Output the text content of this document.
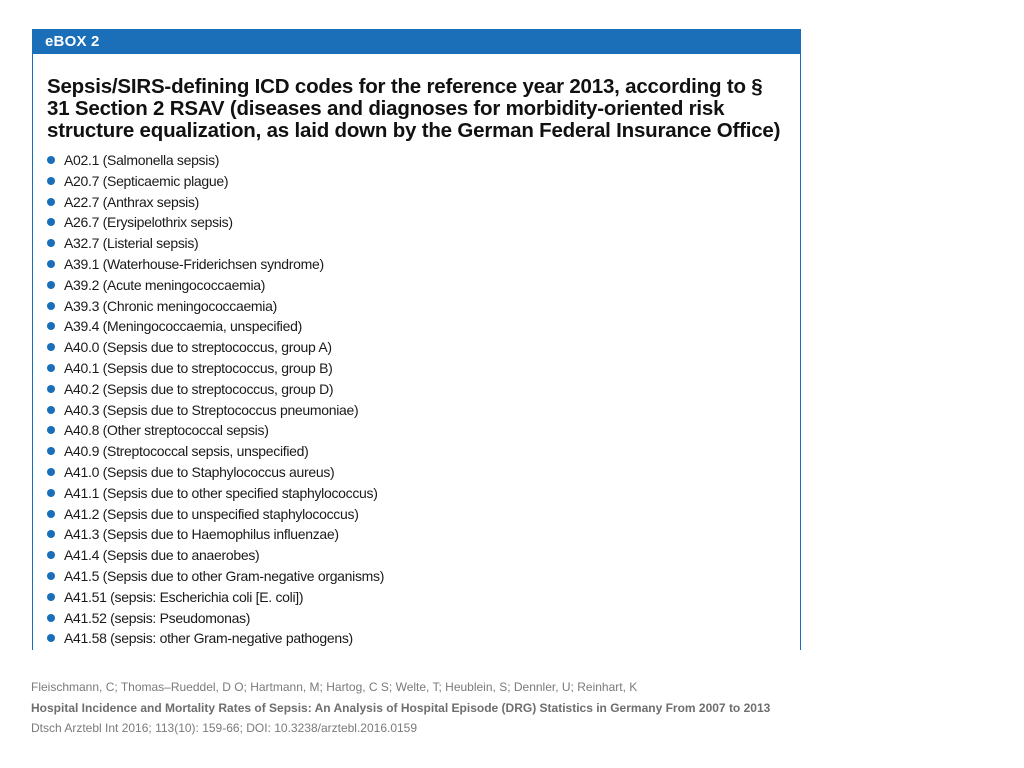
eBOX 2
Sepsis/SIRS-defining ICD codes for the reference year 2013, according to § 31 Section 2 RSAV (diseases and diagnoses for morbidity-oriented risk structure equalization, as laid down by the German Federal Insurance Office)
A02.1 (Salmonella sepsis)
A20.7 (Septicaemic plague)
A22.7 (Anthrax sepsis)
A26.7 (Erysipelothrix sepsis)
A32.7 (Listerial sepsis)
A39.1 (Waterhouse-Friderichsen syndrome)
A39.2 (Acute meningococcaemia)
A39.3 (Chronic meningococcaemia)
A39.4 (Meningococcaemia, unspecified)
A40.0 (Sepsis due to streptococcus, group A)
A40.1 (Sepsis due to streptococcus, group B)
A40.2 (Sepsis due to streptococcus, group D)
A40.3 (Sepsis due to Streptococcus pneumoniae)
A40.8 (Other streptococcal sepsis)
A40.9 (Streptococcal sepsis, unspecified)
A41.0 (Sepsis due to Staphylococcus aureus)
A41.1 (Sepsis due to other specified staphylococcus)
A41.2 (Sepsis due to unspecified staphylococcus)
A41.3 (Sepsis due to Haemophilus influenzae)
A41.4 (Sepsis due to anaerobes)
A41.5 (Sepsis due to other Gram-negative organisms)
A41.51 (sepsis: Escherichia coli [E. coli])
A41.52 (sepsis: Pseudomonas)
A41.58 (sepsis: other Gram-negative pathogens)
Fleischmann, C; Thomas–Rueddel, D O; Hartmann, M; Hartog, C S; Welte, T; Heublein, S; Dennler, U; Reinhart, K
Hospital Incidence and Mortality Rates of Sepsis: An Analysis of Hospital Episode (DRG) Statistics in Germany From 2007 to 2013
Dtsch Arztebl Int 2016; 113(10): 159-66; DOI: 10.3238/arztebl.2016.0159
